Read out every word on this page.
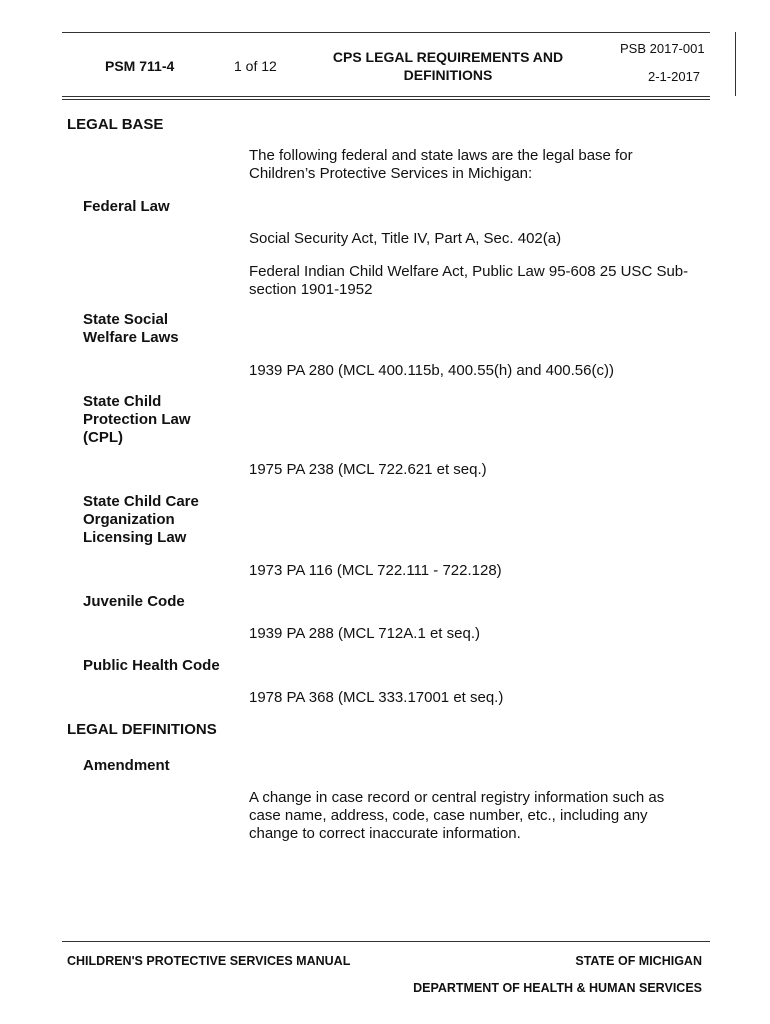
PSM 711-4	1 of 12
CPS LEGAL REQUIREMENTS AND
DEFINITIONS
PSB 2017-001
2-1-2017
LEGAL BASE
The following federal and state laws are the legal base for
Children’s Protective Services in Michigan:
Federal Law
Social Security Act, Title IV, Part A, Sec. 402(a)
Federal Indian Child Welfare Act, Public Law 95-608 25 USC Sub-
section 1901-1952
State Social
Welfare Laws
1939 PA 280 (MCL 400.115b, 400.55(h) and 400.56(c))
State Child
Protection Law
(CPL)
1975 PA 238 (MCL 722.621 et seq.)
State Child Care
Organization
Licensing Law
1973 PA 116 (MCL 722.111 - 722.128)
Juvenile Code
1939 PA 288 (MCL 712A.1 et seq.)
Public Health Code
1978 PA 368 (MCL 333.17001 et seq.)
LEGAL DEFINITIONS
Amendment
A change in case record or central registry information such as
case name, address, code, case number, etc., including any
change to correct inaccurate information.
CHILDREN'S PROTECTIVE SERVICES MANUAL	STATE OF MICHIGAN
DEPARTMENT OF HEALTH & HUMAN SERVICES
